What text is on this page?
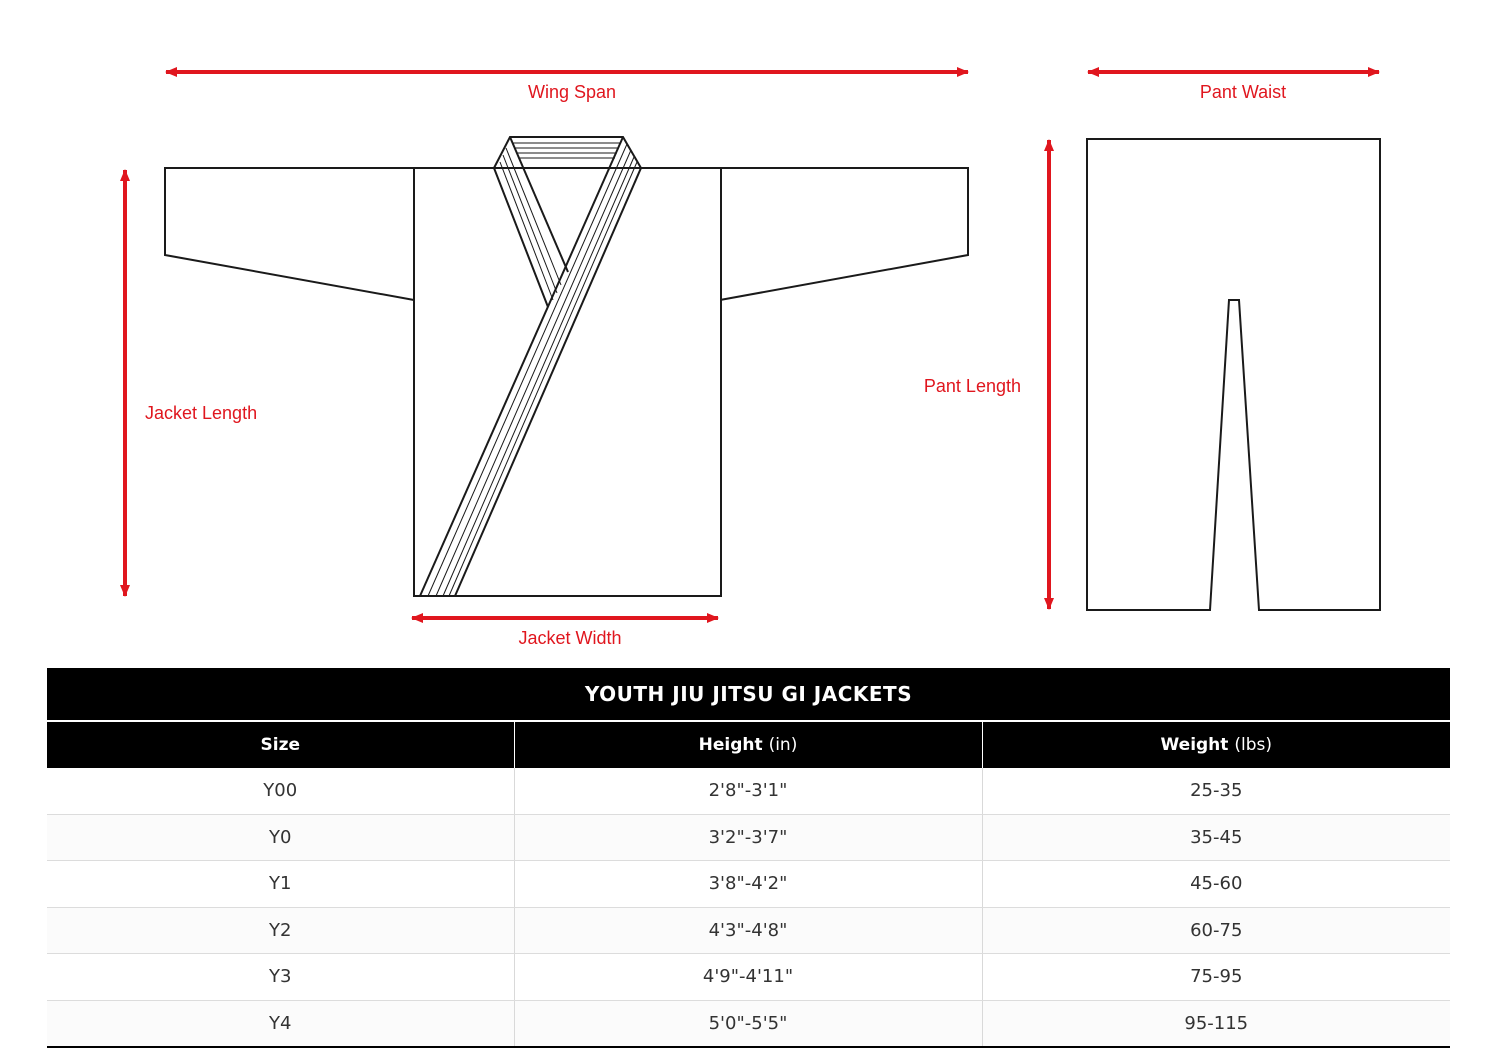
Wing Span	Pant Waist
Jacket Length
Pant Length
Jacket Width
YOUTH JIU JITSU GI JACKETS		
Size	Height (in)	Weight (lbs)
Y00	2'8"-3'1"	25-35
Y0	3'2"-3'7"	35-45
Y1	3'8"-4'2"	45-60
Y2	4'3"-4'8"	60-75
Y3	4'9"-4'11"	75-95
Y4	5'0"-5'5"	95-115
